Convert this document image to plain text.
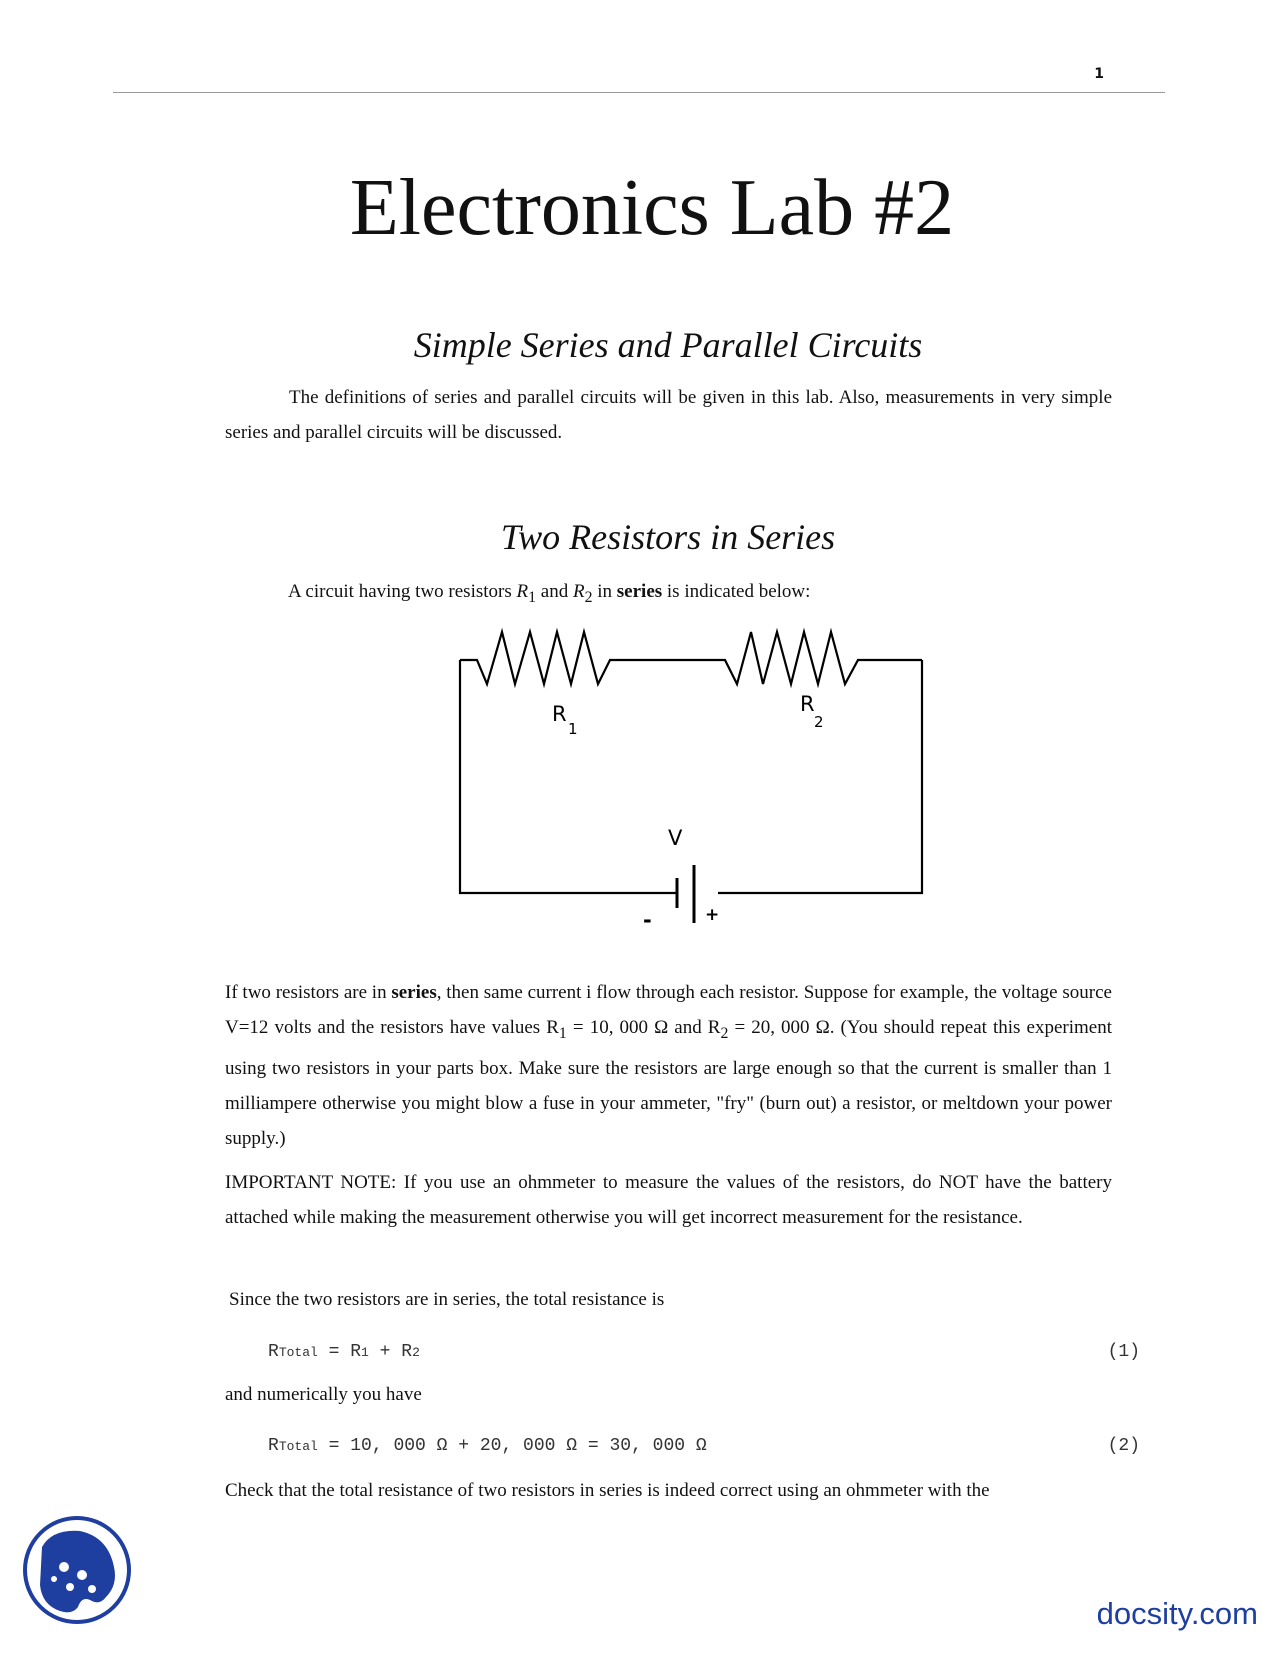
1
Electronics Lab #2
Simple Series and Parallel Circuits

The definitions of series and parallel circuits will be given in this lab. Also, measurements in very simple series and parallel circuits will be discussed.

Two Resistors in Series

A circuit having two resistors $R_1$ and $R_2$ in series is indicated below:

R
1
R
2
V
-	+

If two resistors are in series, then same current i flow through each resistor. Suppose for example, the voltage source V=12 volts and the resistors have values $R_1 = 10$, 000 Ω and $R_2 = 20$, 000 Ω. (You should repeat this experiment using two resistors in your parts box. Make sure the resistors are large enough so that the current is smaller than 1 milliampere otherwise you might blow a fuse in your ammeter, "fry" (burn out) a resistor, or meltdown your power supply.)

IMPORTANT NOTE: If you use an ohmmeter to measure the values of the resistors, do NOT have the battery attached while making the measurement otherwise you will get incorrect measurement for the resistance.

Since the two resistors are in series, the total resistance is

RTotal = R1 + R2	(1)

and numerically you have

RTotal = 10, 000 Ω + 20, 000 Ω = 30, 000 Ω	(2)

Check that the total resistance of two resistors in series is indeed correct using an ohmmeter with the

docsity.com
